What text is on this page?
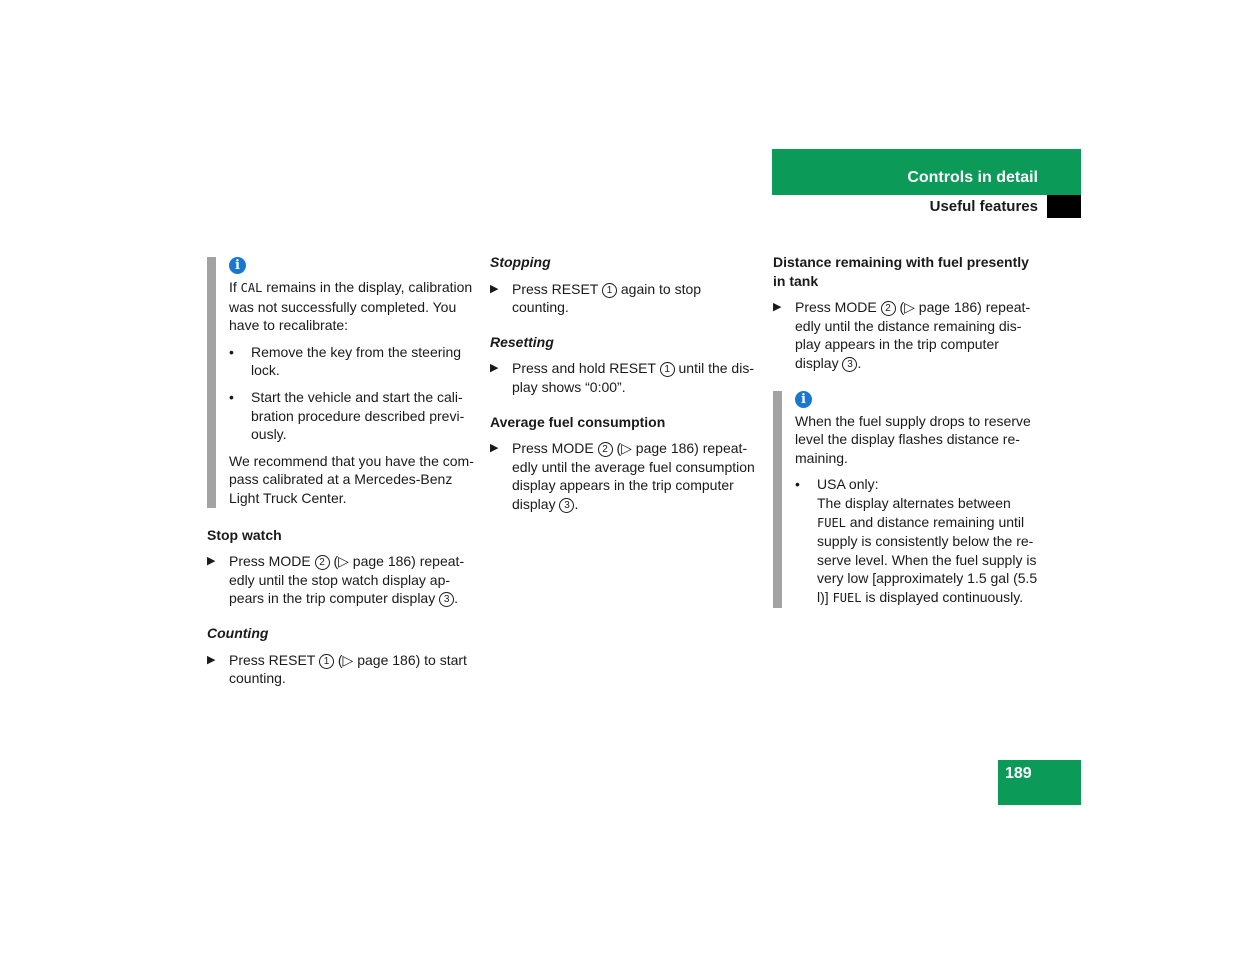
Controls in detail
Useful features
i

If CAL remains in the display, calibration was not successfully completed. You have to recalibrate:

• Remove the key from the steering lock.
• Start the vehicle and start the calibration procedure described previously.

We recommend that you have the compass calibrated at a Mercedes-Benz Light Truck Center.

Stop watch
▶ Press MODE 2 (▷ page 186) repeatedly until the stop watch display appears in the trip computer display 3 .
Counting
▶ Press RESET 1 (▷ page 186) to start counting.
Stopping
▶ Press RESET 1 again to stop counting.
Resetting
▶ Press and hold RESET 1 until the display shows “0:00”.
Average fuel consumption
▶ Press MODE 2 (▷ page 186) repeatedly until the average fuel consumption display appears in the trip computer display 3 .
Distance remaining with fuel presently in tank
▶ Press MODE 2 (▷ page 186) repeatedly until the distance remaining display appears in the trip computer display 3 .
i

When the fuel supply drops to reserve level the display flashes distance remaining.

• USA only:
The display alternates between FUEL and distance remaining until supply is consistently below the reserve level. When the fuel supply is very low [approximately 1.5 gal (5.5 l)] FUEL is displayed continuously.
189
